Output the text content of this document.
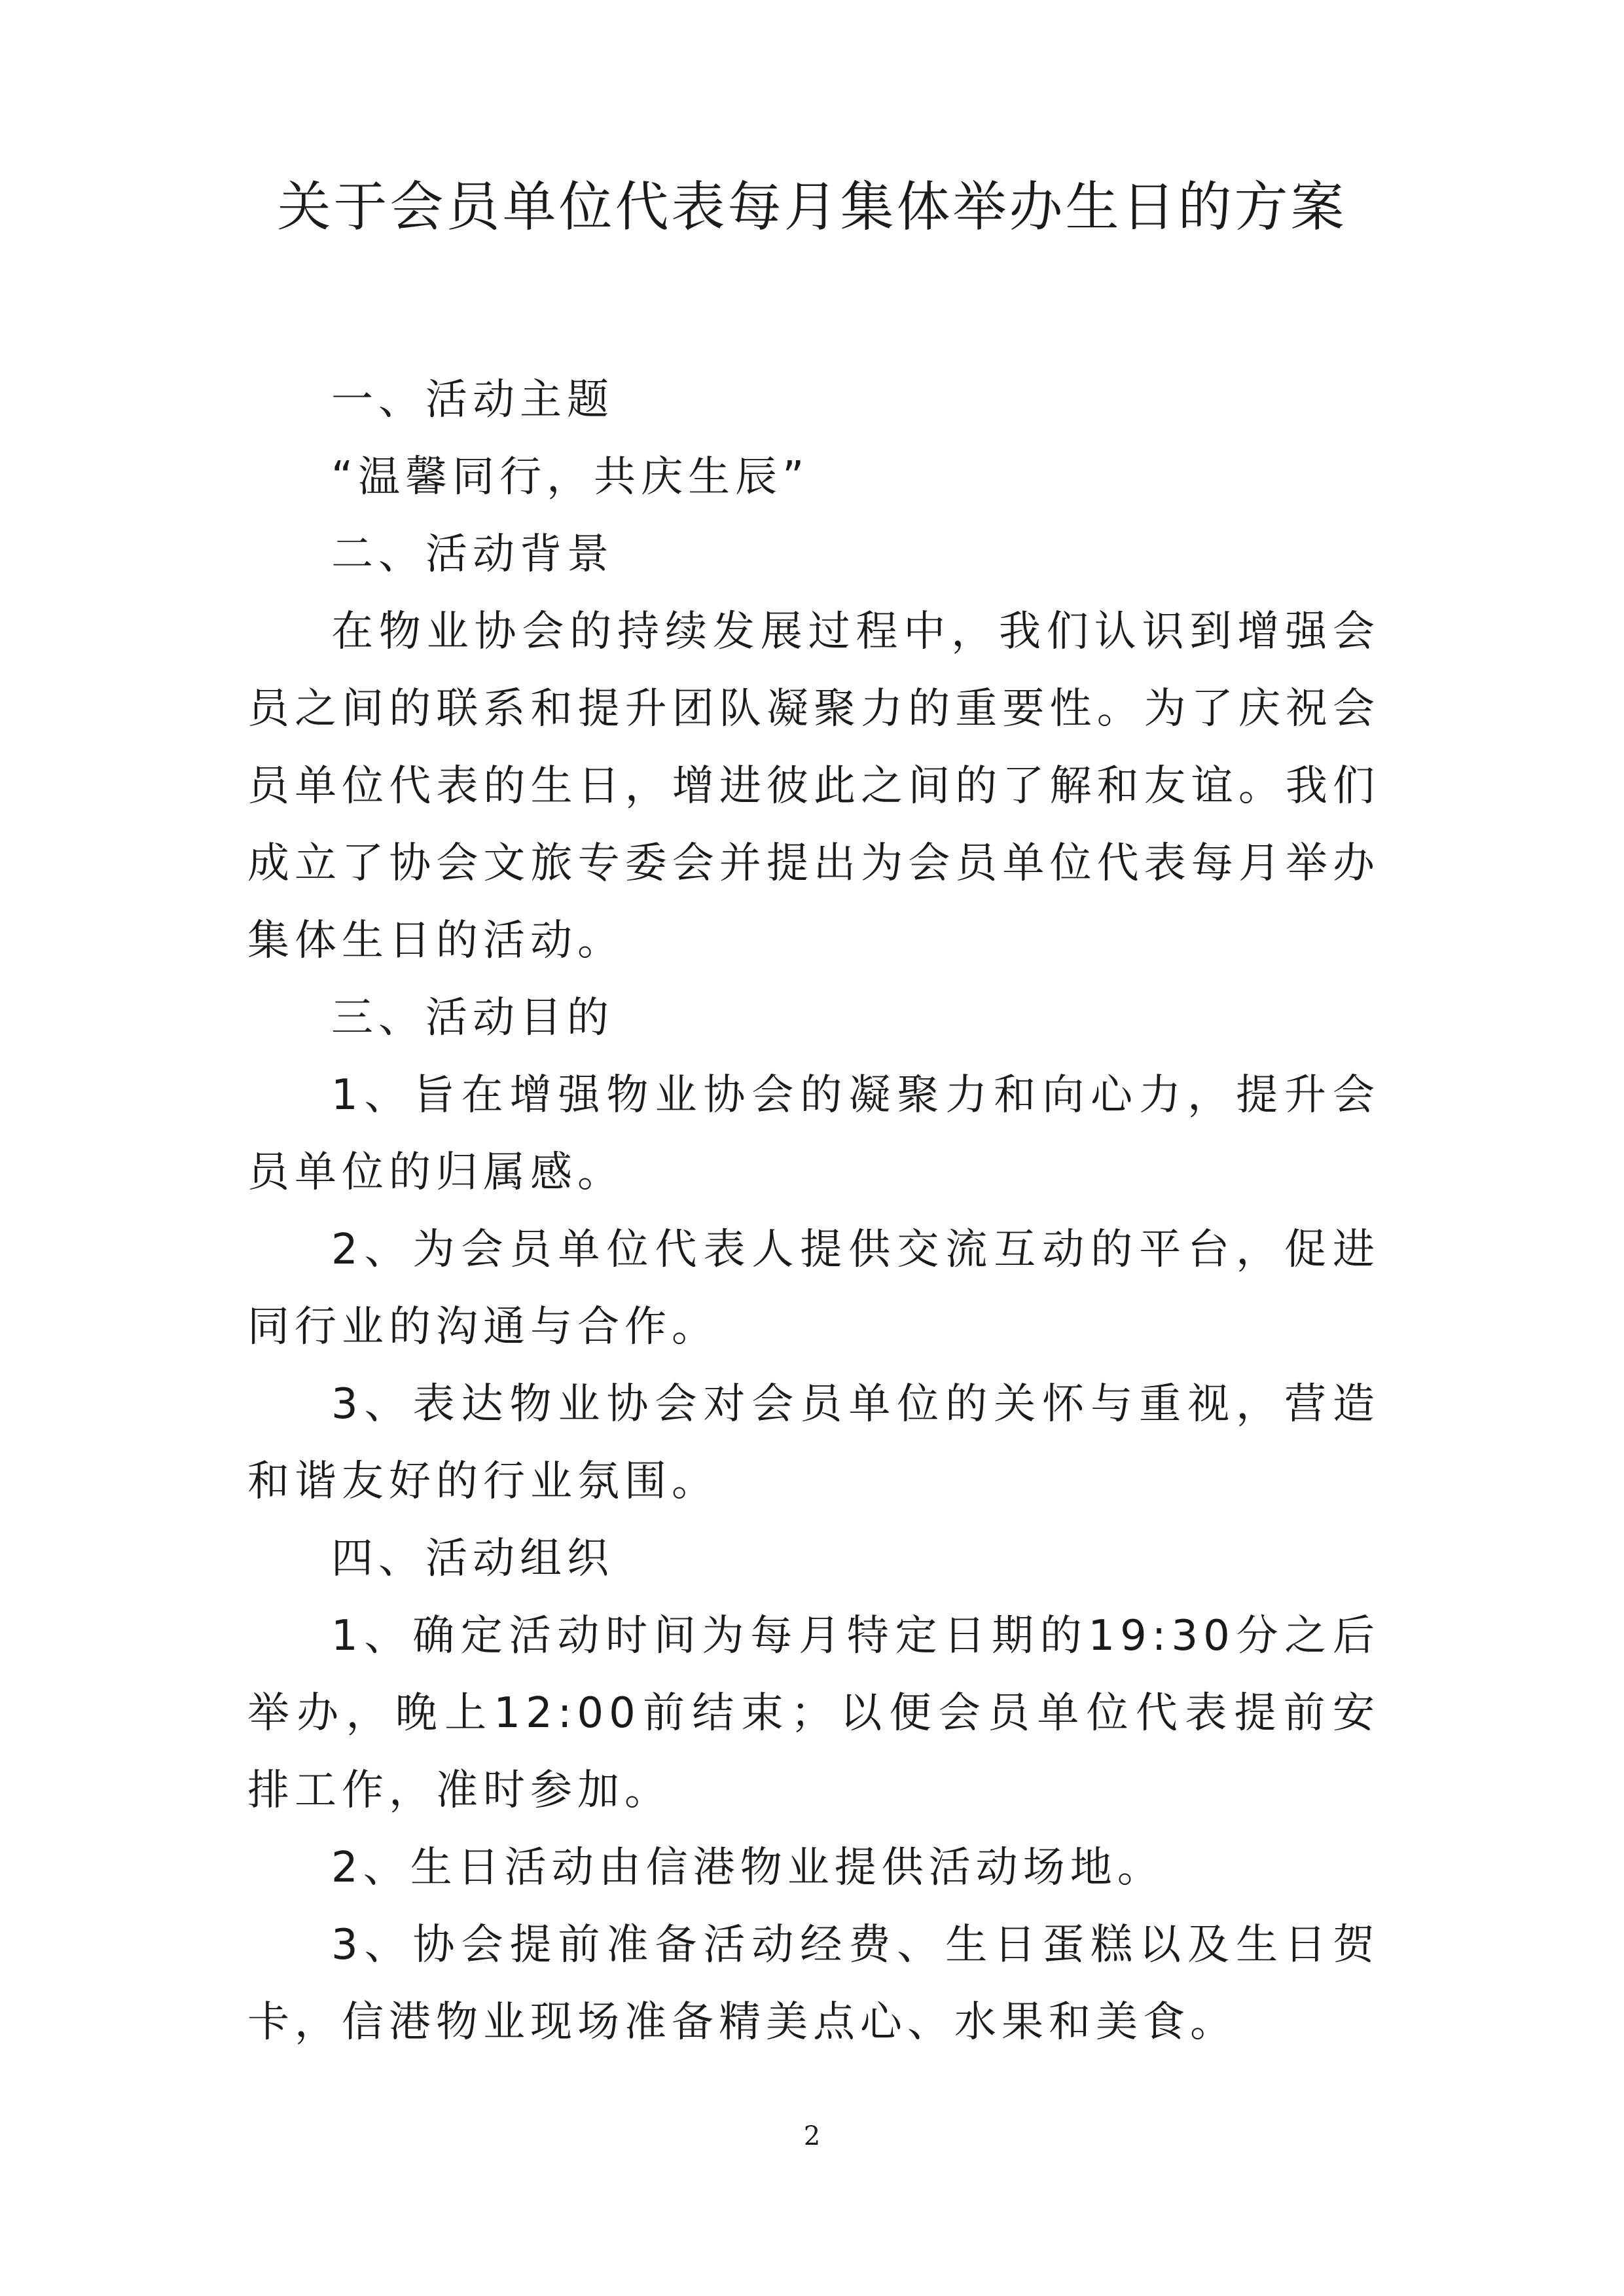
关于会员单位代表每月集体举办生日的方案

一、活动主题

“温馨同行，共庆生辰”

二、活动背景

在物业协会的持续发展过程中，我们认识到增强会员之间的联系和提升团队凝聚力的重要性。为了庆祝会员单位代表的生日，增进彼此之间的了解和友谊。我们成立了协会文旅专委会并提出为会员单位代表每月举办集体生日的活动。

三、活动目的

1、旨在增强物业协会的凝聚力和向心力，提升会员单位的归属感。

2、为会员单位代表人提供交流互动的平台，促进同行业的沟通与合作。

3、表达物业协会对会员单位的关怀与重视，营造和谐友好的行业氛围。

四、活动组织

1、确定活动时间为每月特定日期的19:30分之后举办，晚上12:00前结束；以便会员单位代表提前安排工作，准时参加。

2、生日活动由信港物业提供活动场地。

3、协会提前准备活动经费、生日蛋糕以及生日贺卡，信港物业现场准备精美点心、水果和美食。

2
